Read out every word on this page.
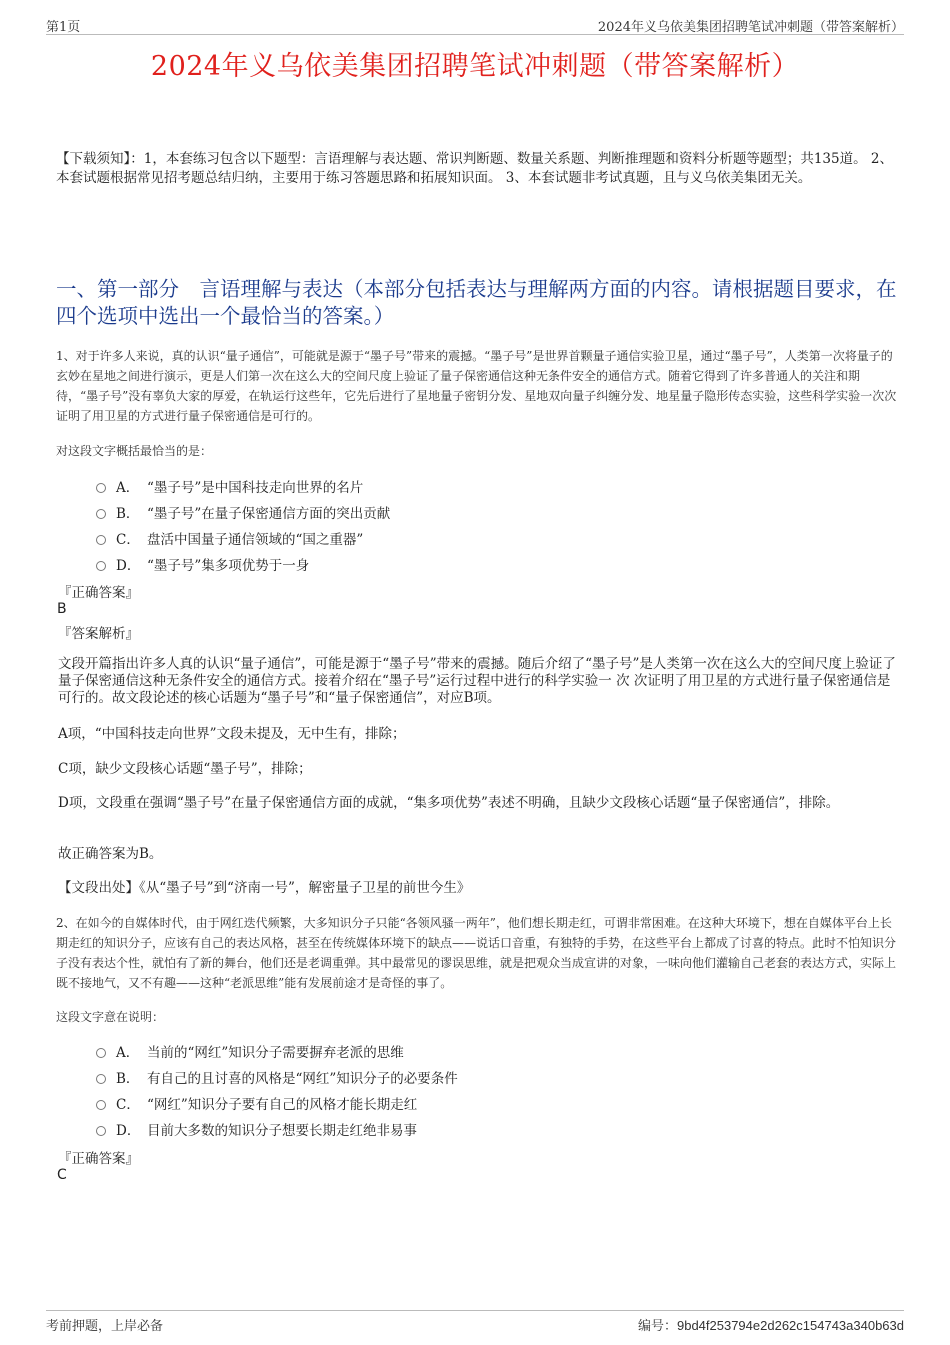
第1页	2024年义乌依美集团招聘笔试冲刺题（带答案解析）
2024年义乌依美集团招聘笔试冲刺题（带答案解析）
【下载须知】：1，本套练习包含以下题型：言语理解与表达题、常识判断题、数量关系题、判断推理题和资料分析题等题型；共135道。 2、本套试题根据常见招考题总结归纳，主要用于练习答题思路和拓展知识面。 3、本套试题非考试真题，且与义乌依美集团无关。
一、第一部分　言语理解与表达（本部分包括表达与理解两方面的内容。请根据题目要求，在四个选项中选出一个最恰当的答案。）
1、对于许多人来说，真的认识“量子通信”，可能就是源于“墨子号”带来的震撼。“墨子号”是世界首颗量子通信实验卫星，通过“墨子号”，人类第一次将量子的玄妙在星地之间进行演示，更是人们第一次在这么大的空间尺度上验证了量子保密通信这种无条件安全的通信方式。随着它得到了许多普通人的关注和期待，“墨子号”没有辜负大家的厚爱，在轨运行这些年，它先后进行了星地量子密钥分发、星地双向量子纠缠分发、地星量子隐形传态实验，这些科学实验一次次证明了用卫星的方式进行量子保密通信是可行的。
对这段文字概括最恰当的是：
A． “墨子号”是中国科技走向世界的名片
B． “墨子号”在量子保密通信方面的突出贡献
C． 盘活中国量子通信领域的“国之重器”
D． “墨子号”集多项优势于一身
『正确答案』
B
『答案解析』
文段开篇指出许多人真的认识“量子通信”，可能是源于“墨子号”带来的震撼。随后介绍了“墨子号”是人类第一次在这么大的空间尺度上验证了量子保密通信这种无条件安全的通信方式。接着介绍在“墨子号”运行过程中进行的科学实验一 次 次证明了用卫星的方式进行量子保密通信是可行的。故文段论述的核心话题为“墨子号”和“量子保密通信”，对应B项。
A项，“中国科技走向世界”文段未提及，无中生有，排除；
C项，缺少文段核心话题“墨子号”，排除；
D项，文段重在强调“墨子号”在量子保密通信方面的成就，“集多项优势”表述不明确，且缺少文段核心话题“量子保密通信”，排除。
故正确答案为B。
【文段出处】《从“墨子号”到“济南一号”，解密量子卫星的前世今生》
2、在如今的自媒体时代，由于网红迭代频繁，大多知识分子只能“各领风骚一两年”，他们想长期走红，可谓非常困难。在这种大环境下，想在自媒体平台上长期走红的知识分子，应该有自己的表达风格，甚至在传统媒体环境下的缺点——说话口音重，有独特的手势，在这些平台上都成了讨喜的特点。此时不怕知识分子没有表达个性，就怕有了新的舞台，他们还是老调重弹。其中最常见的谬误思维，就是把观众当成宣讲的对象，一味向他们灌输自己老套的表达方式，实际上既不接地气，又不有趣——这种“老派思维”能有发展前途才是奇怪的事了。
这段文字意在说明：
A． 当前的“网红”知识分子需要摒弃老派的思维
B． 有自己的且讨喜的风格是“网红”知识分子的必要条件
C． “网红”知识分子要有自己的风格才能长期走红
D． 目前大多数的知识分子想要长期走红绝非易事
『正确答案』
C
考前押题，上岸必备	编号：9bd4f253794e2d262c154743a340b63d
